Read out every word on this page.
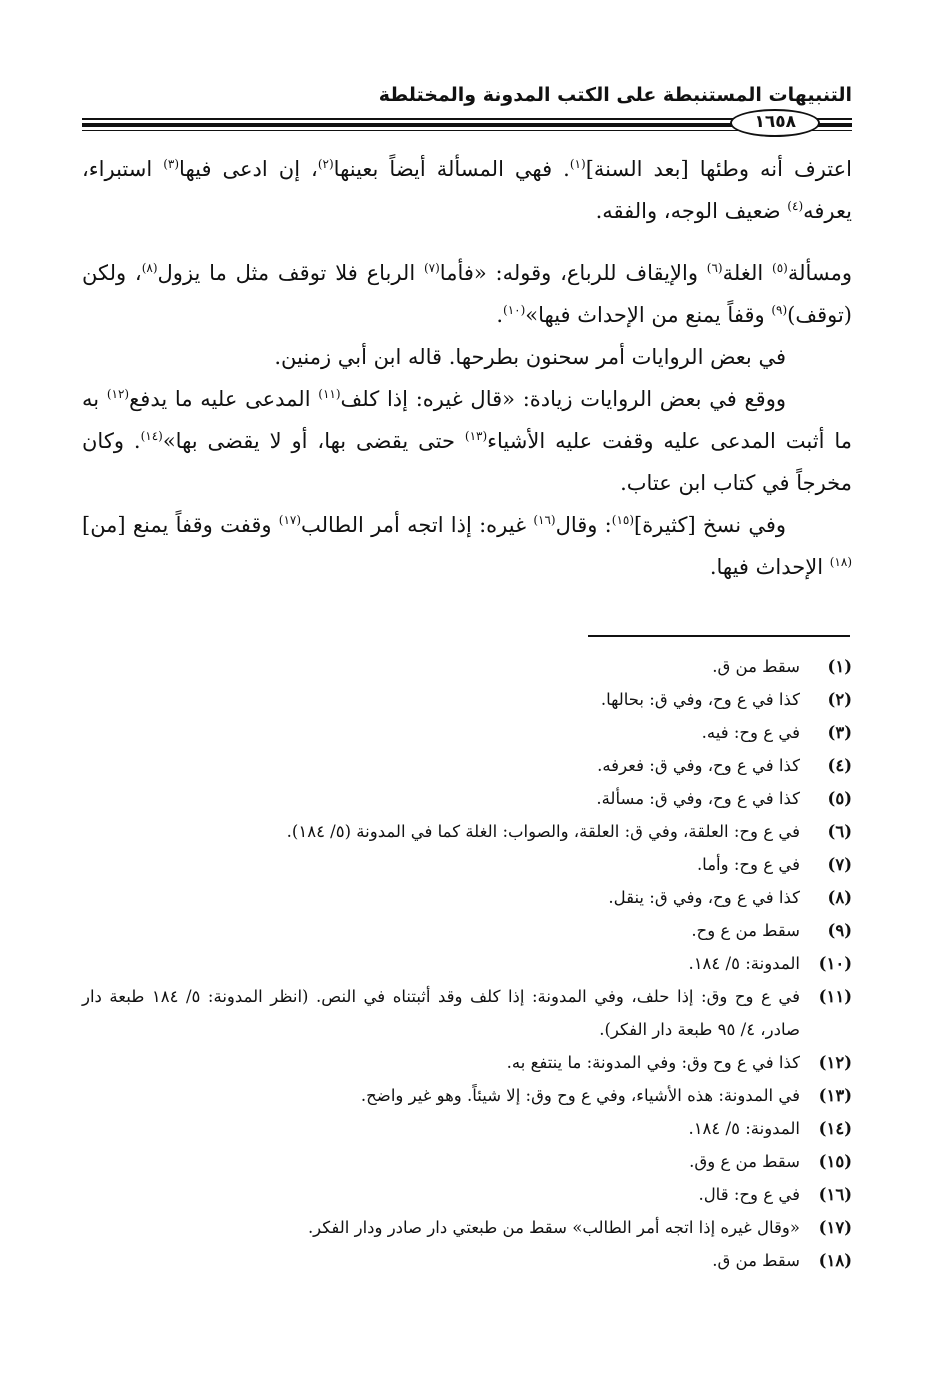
التنبيهات المستنبطة على الكتب المدونة والمختلطة
١٦٥٨

اعترف أنه وطئها [بعد السنة]$^{(١)}$. فهي المسألة أيضاً بعينها$^{(٢)}$، إن ادعى فيها$^{(٣)}$ استبراء، يعرفه$^{(٤)}$ ضعيف الوجه، والفقه.

ومسألة$^{(٥)}$ الغلة$^{(٦)}$ والإيقاف للرباع، وقوله: «فأما$^{(٧)}$ الرباع فلا توقف مثل ما يزول$^{(٨)}$، ولكن (توقف)$^{(٩)}$ وقفاً يمنع من الإحداث فيها»$^{(١٠)}$.

في بعض الروايات أمر سحنون بطرحها. قاله ابن أبي زمنين.

ووقع في بعض الروايات زيادة: «قال غيره: إذا كلف$^{(١١)}$ المدعى عليه ما يدفع$^{(١٢)}$ به ما أثبت المدعى عليه وقفت عليه الأشياء$^{(١٣)}$ حتى يقضى بها، أو لا يقضى بها»$^{(١٤)}$. وكان مخرجاً في كتاب ابن عتاب.

وفي نسخ [كثيرة]$^{(١٥)}$: وقال$^{(١٦)}$ غيره: إذا اتجه أمر الطالب$^{(١٧)}$ وقفت وقفاً يمنع [من]$^{(١٨)}$ الإحداث فيها.

(١)
سقط من ق.
(٢)
كذا في ع وح، وفي ق: بحالها.
(٣)
في ع وح: فيه.
(٤)
كذا في ع وح، وفي ق: فعرفه.
(٥)
كذا في ع وح، وفي ق: مسألة.
(٦)
في ع وح: العلقة، وفي ق: العلقة، والصواب: الغلة كما في المدونة (٥/ ١٨٤).
(٧)
في ع وح: وأما.
(٨)
كذا في ع وح، وفي ق: ينقل.
(٩)
سقط من ع وح.
(١٠)
المدونة: ٥/ ١٨٤.
(١١)
في ع وح وق: إذا حلف، وفي المدونة: إذا كلف وقد أثبتناه في النص. (انظر المدونة: ٥/ ١٨٤ طبعة دار صادر، ٤/ ٩٥ طبعة دار الفكر).
(١٢)
كذا في ع وح وق: وفي المدونة: ما ينتفع به.
(١٣)
في المدونة: هذه الأشياء، وفي ع وح وق: إلا شيئاً. وهو غير واضح.
(١٤)
المدونة: ٥/ ١٨٤.
(١٥)
سقط من ع وق.
(١٦)
في ع وح: قال.
(١٧)
«وقال غيره إذا اتجه أمر الطالب» سقط من طبعتي دار صادر ودار الفكر.
(١٨)
سقط من ق.
